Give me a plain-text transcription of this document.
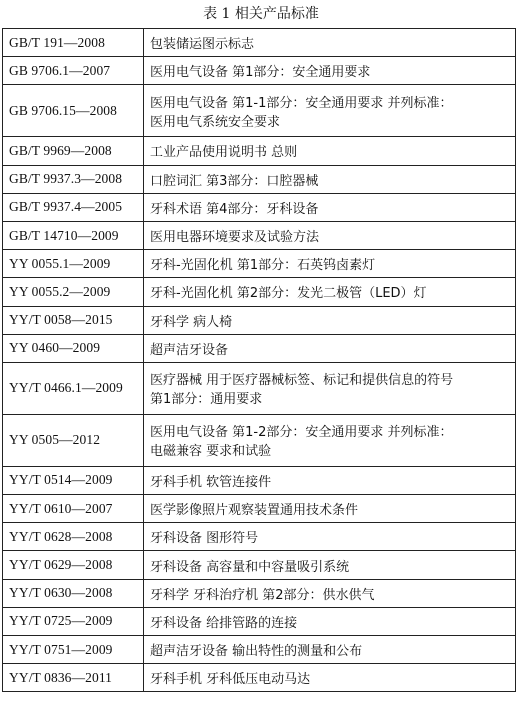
表 1 相关产品标准
GB/T 191—2008	包装储运图示标志

GB 9706.1—2007	医用电气设备 第1部分：安全通用要求

GB 9706.15—2008	医用电气设备 第1-1部分：安全通用要求 并列标准：
医用电气系统安全要求

GB/T 9969—2008	工业产品使用说明书 总则

GB/T 9937.3—2008	口腔词汇 第3部分：口腔器械

GB/T 9937.4—2005	牙科术语 第4部分：牙科设备

GB/T 14710—2009	医用电器环境要求及试验方法

YY 0055.1—2009	牙科-光固化机 第1部分：石英钨卤素灯

YY 0055.2—2009	牙科-光固化机 第2部分：发光二极管（LED）灯

YY/T 0058—2015	牙科学 病人椅

YY 0460—2009	超声洁牙设备

YY/T 0466.1—2009	医疗器械 用于医疗器械标签、标记和提供信息的符号
第1部分：通用要求

YY 0505—2012	医用电气设备 第1-2部分：安全通用要求 并列标准：
电磁兼容 要求和试验

YY/T 0514—2009	牙科手机 软管连接件

YY/T 0610—2007	医学影像照片观察装置通用技术条件

YY/T 0628—2008	牙科设备 图形符号

YY/T 0629—2008	牙科设备 高容量和中容量吸引系统

YY/T 0630—2008	牙科学 牙科治疗机 第2部分：供水供气

YY/T 0725—2009	牙科设备 给排管路的连接

YY/T 0751—2009	超声洁牙设备 输出特性的测量和公布

YY/T 0836—2011	牙科手机 牙科低压电动马达
